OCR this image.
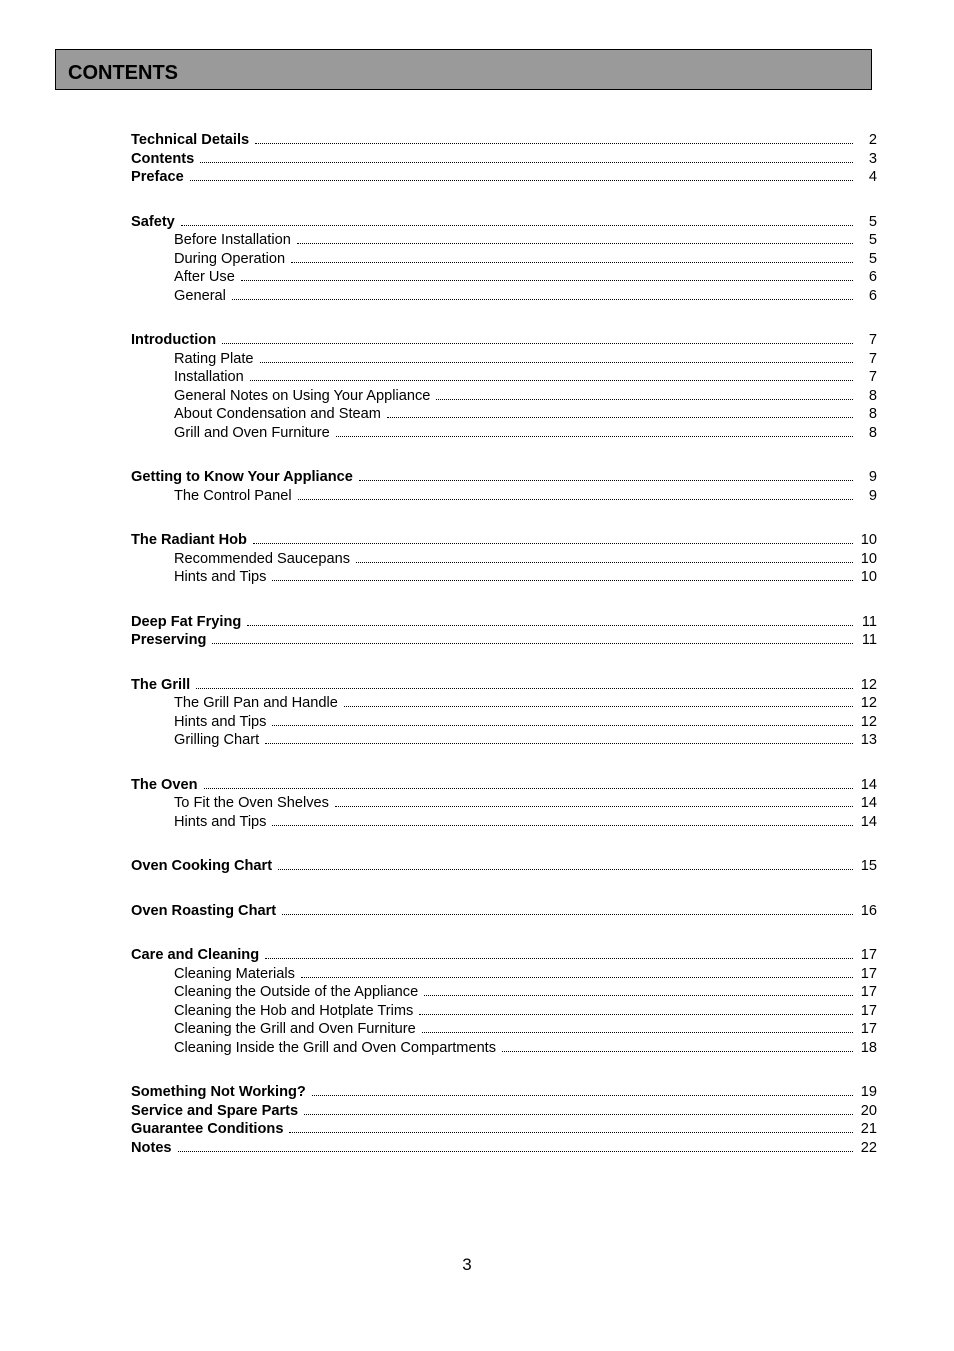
CONTENTS
Technical Details	2
Contents	3
Preface	4
Safety	5
Before Installation	5
During Operation	5
After Use	6
General	6
Introduction	7
Rating Plate	7
Installation	7
General Notes on Using Your Appliance	8
About Condensation and Steam	8
Grill and Oven Furniture	8
Getting to Know Your Appliance	9
The Control Panel	9
The Radiant Hob	10
Recommended Saucepans	10
Hints and Tips	10
Deep Fat Frying	11
Preserving	11
The Grill	12
The Grill Pan and Handle	12
Hints and Tips	12
Grilling Chart	13
The Oven	14
To Fit the Oven Shelves	14
Hints and Tips	14
Oven Cooking Chart	15
Oven Roasting Chart	16
Care and Cleaning	17
Cleaning Materials	17
Cleaning the Outside of the Appliance	17
Cleaning the Hob and Hotplate Trims	17
Cleaning the Grill and Oven Furniture	17
Cleaning Inside the Grill and Oven Compartments	18
Something Not Working?	19
Service and Spare Parts	20
Guarantee Conditions	21
Notes	22
3
